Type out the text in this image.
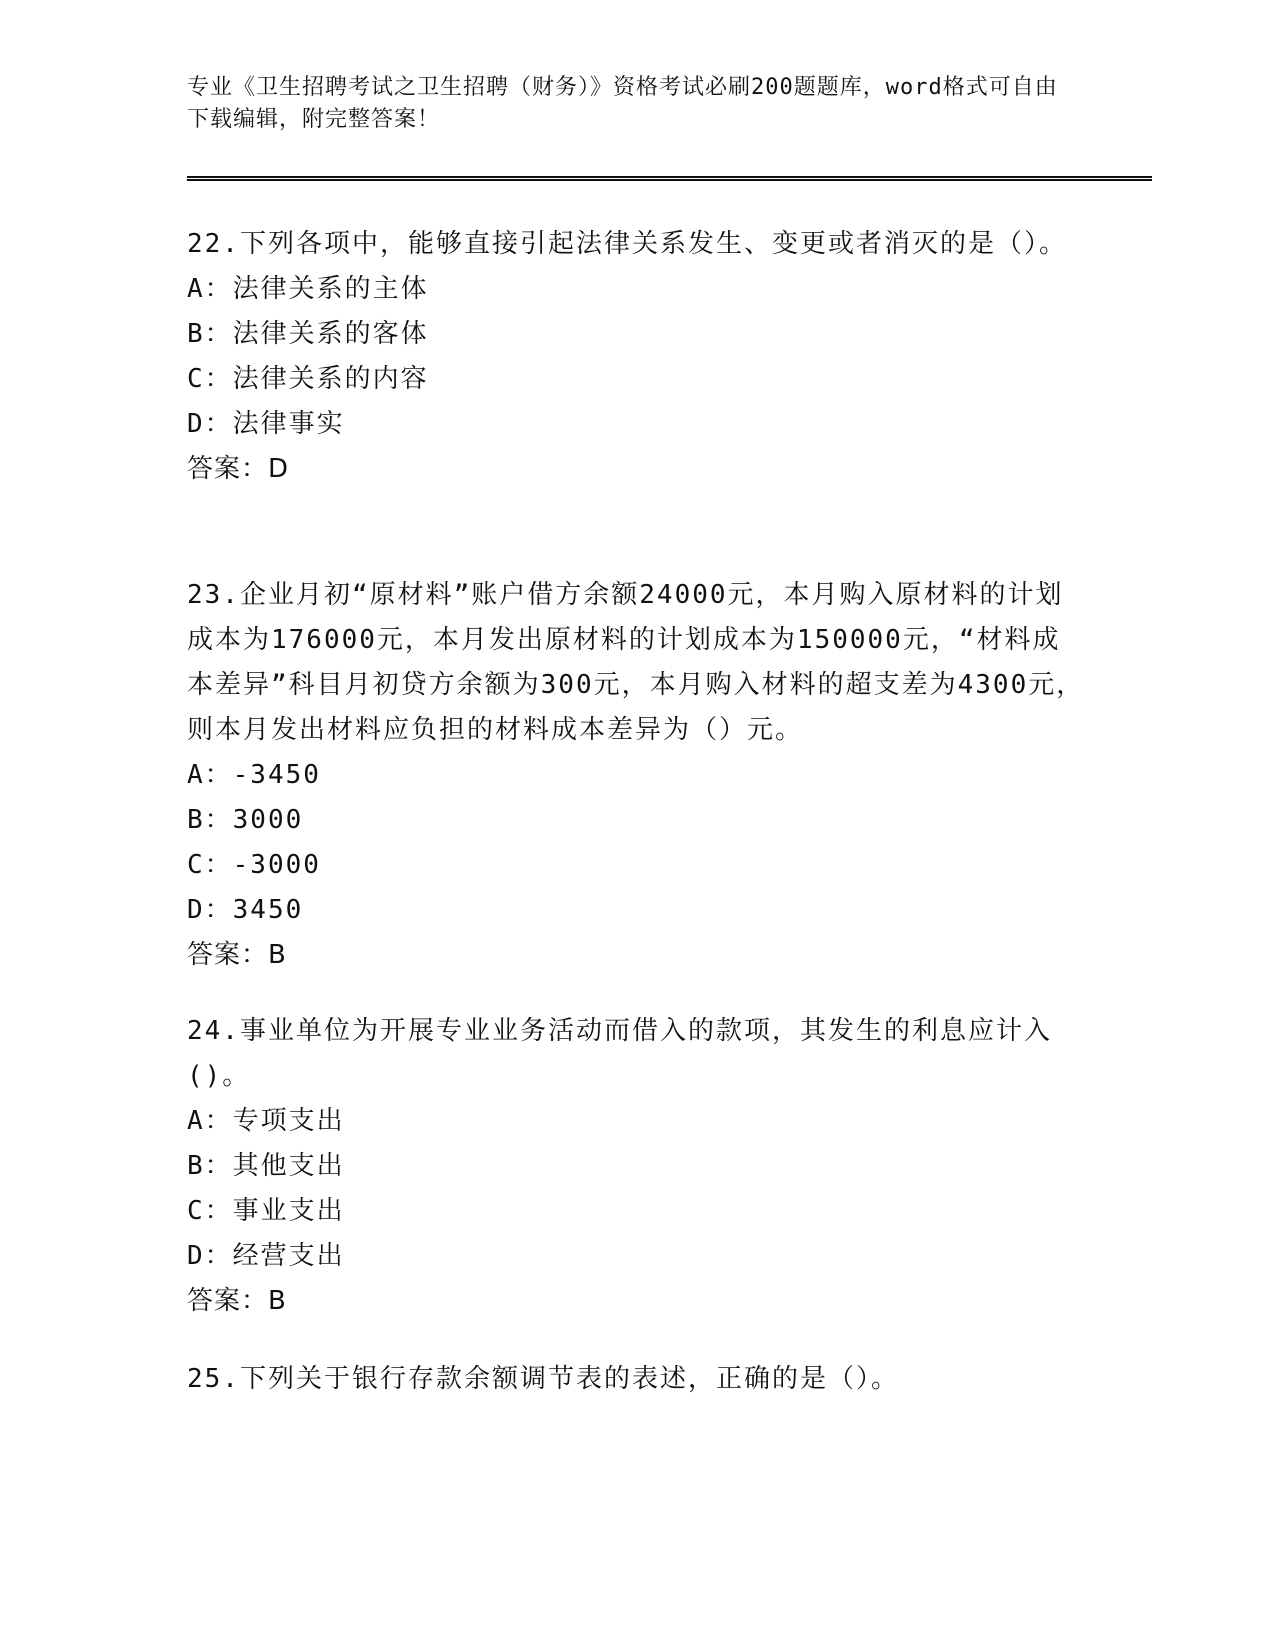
专业《卫生招聘考试之卫生招聘（财务）》资格考试必刷200题题库，word格式可自由下载编辑，附完整答案！
22.下列各项中，能够直接引起法律关系发生、变更或者消灭的是（）。
A：法律关系的主体
B：法律关系的客体
C：法律关系的内容
D：法律事实
答案：D
23.企业月初“原材料”账户借方余额24000元，本月购入原材料的计划成本为176000元，本月发出原材料的计划成本为150000元，“材料成本差异”科目月初贷方余额为300元，本月购入材料的超支差为4300元，则本月发出材料应负担的材料成本差异为（）元。
A：-3450
B：3000
C：-3000
D：3450
答案：B
24.事业单位为开展专业业务活动而借入的款项，其发生的利息应计入()。
A：专项支出
B：其他支出
C：事业支出
D：经营支出
答案：B
25.下列关于银行存款余额调节表的表述，正确的是（）。
